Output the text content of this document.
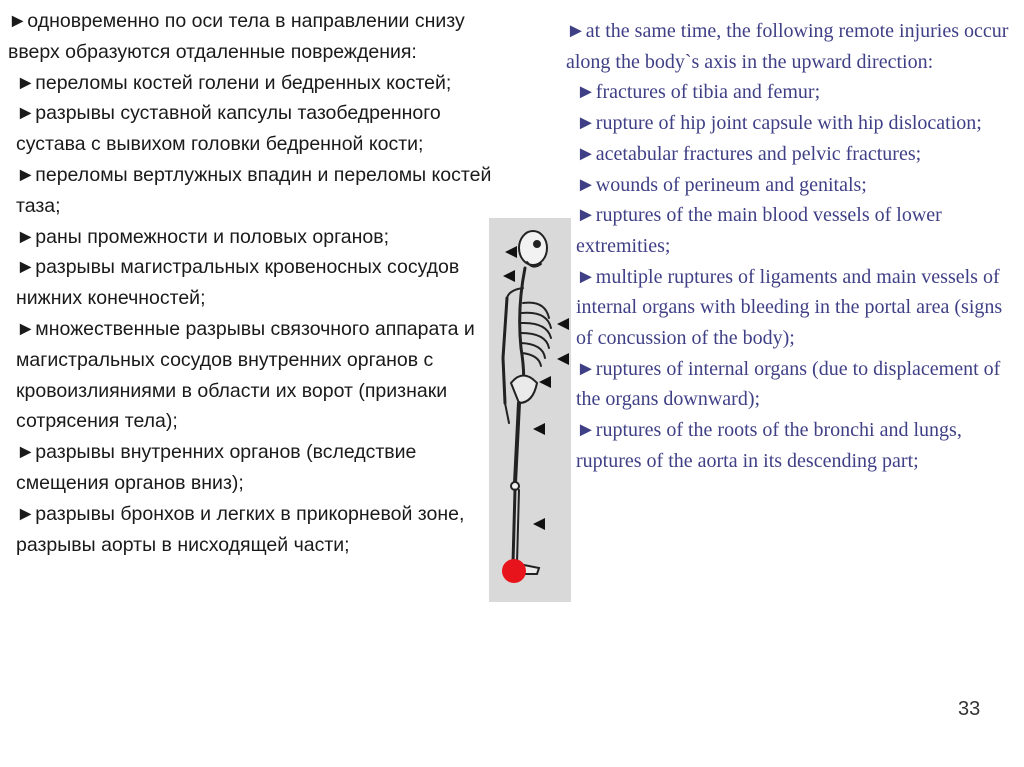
►одновременно по оси тела в направлении снизу вверх образуются отдаленные повреждения:

►переломы костей голени и бедренных костей;

►разрывы суставной капсулы тазобедренного сустава с вывихом головки бедренной кости;

►переломы вертлужных впадин и переломы костей таза;

►раны промежности и половых органов;

►разрывы магистральных кровеносных сосудов нижних конечностей;

►множественные разрывы связочного аппарата и магистральных сосудов внутренних органов с кровоизлияниями в области их ворот (признаки сотрясения тела);

►разрывы внутренних органов (вследствие смещения органов вниз);

►разрывы бронхов и легких в прикорневой зоне, разрывы аорты в нисходящей части;

►at the same time, the following remote injuries occur along the body`s axis in the upward direction:

►fractures of tibia and femur;

►rupture of hip joint capsule with hip dislocation;

►acetabular fractures and pelvic fractures;

►wounds of perineum and genitals;

►ruptures of the main blood vessels of lower extremities;

►multiple ruptures of ligaments and main vessels of internal organs with bleeding in the portal area (signs of concussion of the body);

►ruptures of internal organs (due to displacement of the organs downward);

►ruptures of the roots of the bronchi and lungs, ruptures of the aorta in its descending part;

33
